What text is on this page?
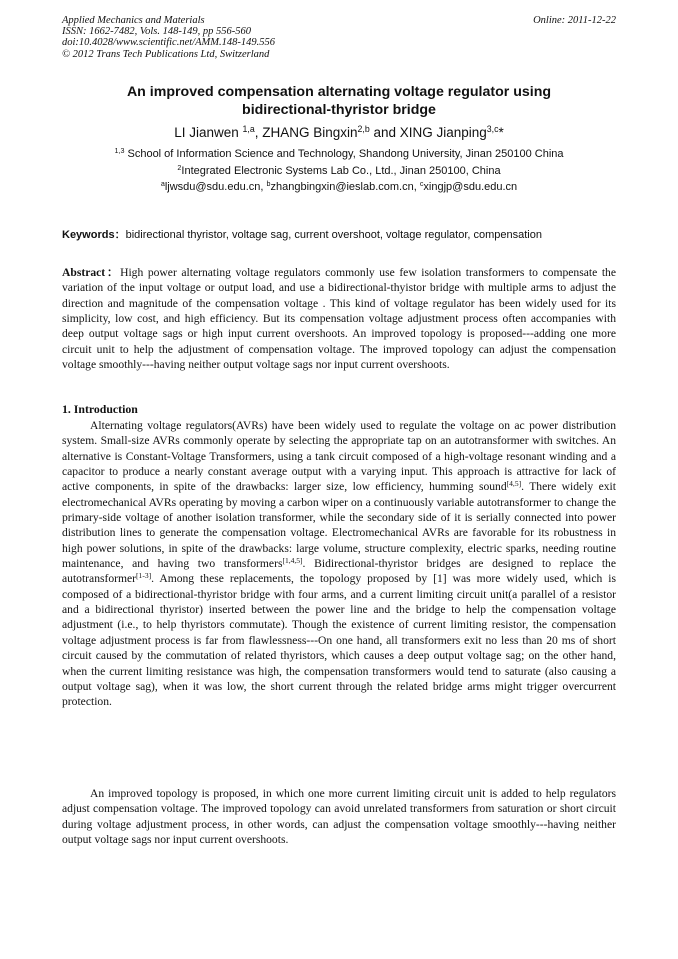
Applied Mechanics and Materials
ISSN: 1662-7482, Vols. 148-149, pp 556-560
doi:10.4028/www.scientific.net/AMM.148-149.556
© 2012 Trans Tech Publications Ltd, Switzerland
Online: 2011-12-22
An improved compensation alternating voltage regulator using
bidirectional-thyristor bridge
LI Jianwen $^{1,a}$, ZHANG Bingxin$^{2,b}$ and XING Jianping$^{3,c}$*
$^{1,3}$ School of Information Science and Technology, Shandong University, Jinan 250100 China
$^2$Integrated Electronic Systems Lab Co., Ltd., Jinan 250100, China
$^a$ljwsdu@sdu.edu.cn, $^b$zhangbingxin@ieslab.com.cn, $^c$xingjp@sdu.edu.cn
Keywords：bidirectional thyristor, voltage sag, current overshoot, voltage regulator, compensation
Abstract：High power alternating voltage regulators commonly use few isolation transformers to compensate the variation of the input voltage or output load, and use a bidirectional-thyistor bridge with multiple arms to adjust the direction and magnitude of the compensation voltage . This kind of voltage regulator has been widely used for its simplicity, low cost, and high efficiency. But its compensation voltage adjustment process often accompanies with deep output voltage sags or high input current overshoots. An improved topology is proposed---adding one more circuit unit to help the adjustment of compensation voltage. The improved topology can adjust the compensation voltage smoothly---having neither output voltage sags nor input current overshoots.
1. Introduction
Alternating voltage regulators(AVRs) have been widely used to regulate the voltage on ac power distribution system. Small-size AVRs commonly operate by selecting the appropriate tap on an autotransformer with switches. An alternative is Constant-Voltage Transformers, using a tank circuit composed of a high-voltage resonant winding and a capacitor to produce a nearly constant average output with a varying input. This approach is attractive for lack of active components, in spite of the drawbacks: larger size, low efficiency, humming sound[4,5]. There widely exit electromechanical AVRs operating by moving a carbon wiper on a continuously variable autotransformer to change the primary-side voltage of another isolation transformer, while the secondary side of it is serially connected into power distribution lines to generate the compensation voltage. Electromechanical AVRs are favorable for its robustness in high power solutions, in spite of the drawbacks: large volume, structure complexity, electric sparks, needing routine maintenance, and having two transformers[1,4,5]. Bidirectional-thyristor bridges are designed to replace the autotransformer[1-3]. Among these replacements, the topology proposed by [1] was more widely used, which is composed of a bidirectional-thyristor bridge with four arms, and a current limiting circuit unit(a parallel of a resistor and a bidirectional thyristor) inserted between the power line and the bridge to help the compensation voltage adjustment (i.e., to help thyristors commutate). Though the existence of current limiting resistor, the compensation voltage adjustment process is far from flawlessness---On one hand, all transformers exit no less than 20 ms of short circuit caused by the commutation of related thyristors, which causes a deep output voltage sag; on the other hand, when the current limiting resistance was high, the compensation transformers would tend to saturate (also causing a output voltage sag), when it was low, the short current through the related bridge arms might trigger overcurrent protection.
An improved topology is proposed, in which one more current limiting circuit unit is added to help regulators adjust compensation voltage. The improved topology can avoid unrelated transformers from saturation or short circuit during voltage adjustment process, in other words, can adjust the compensation voltage smoothly---having neither output voltage sags nor input current overshoots.
